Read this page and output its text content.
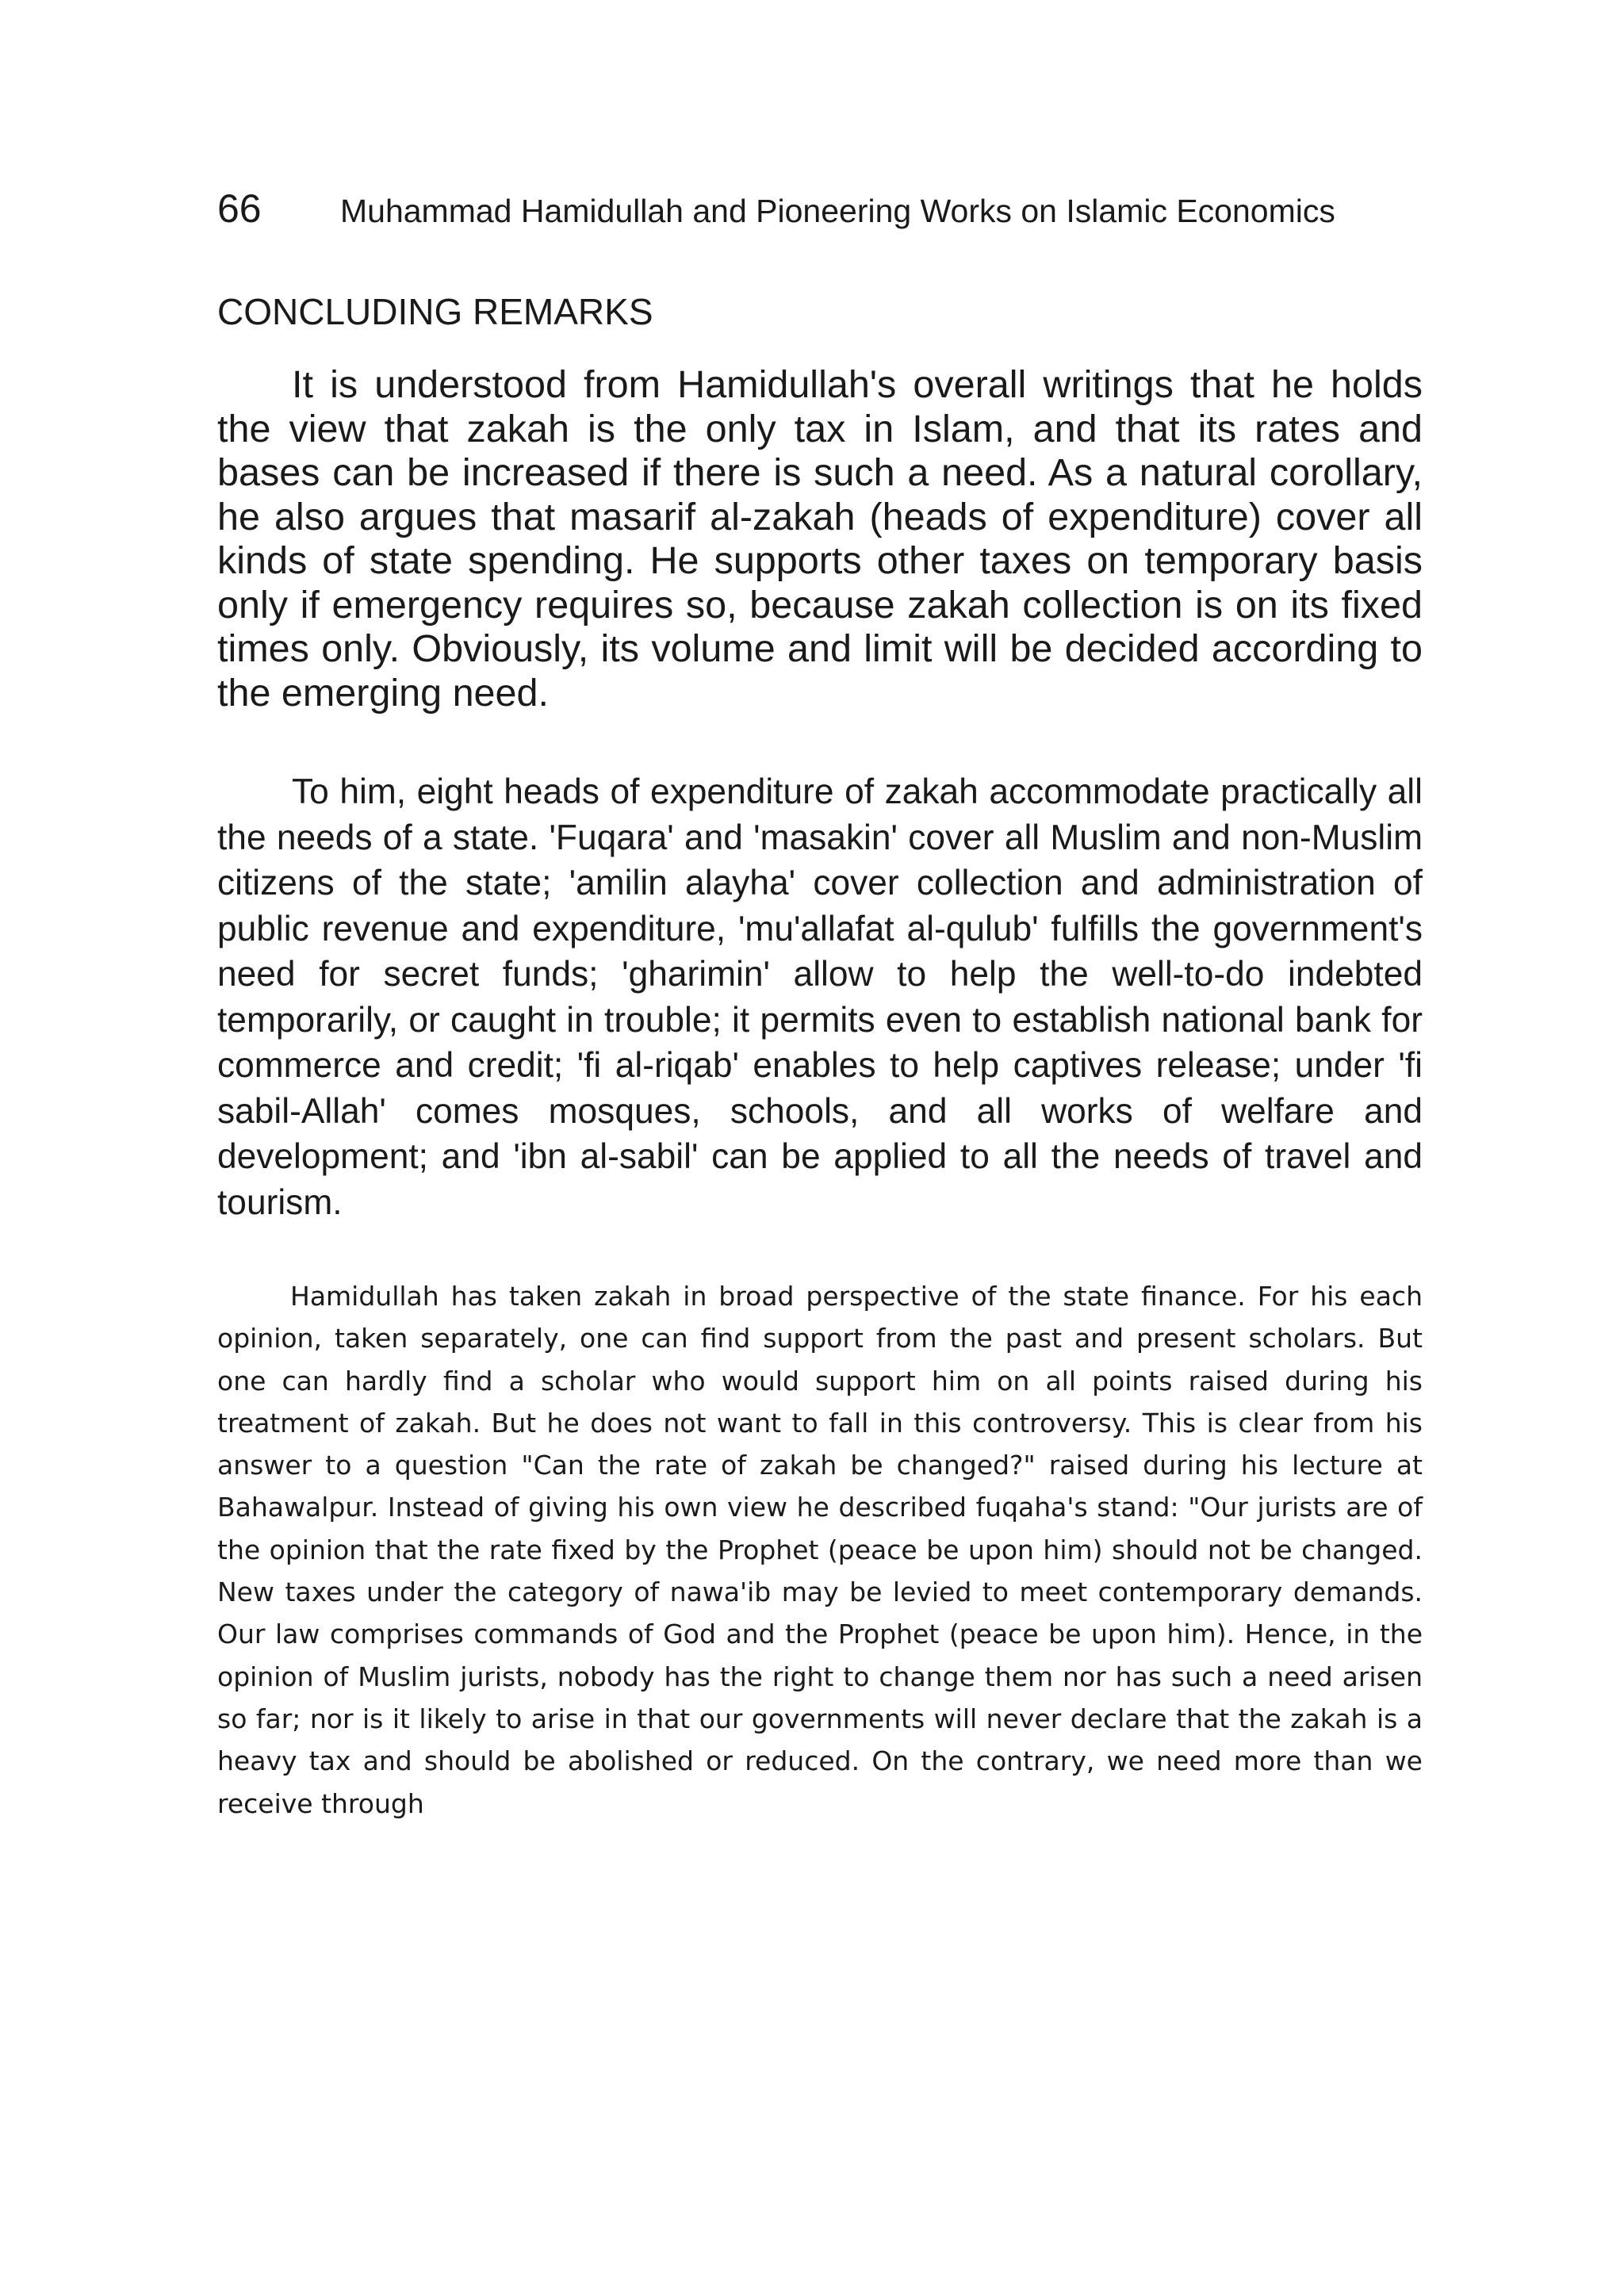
66 Muhammad Hamidullah and Pioneering Works on Islamic Economics
CONCLUDING REMARKS

It is understood from Hamidullah's overall writings that he holds the view that zakah is the only tax in Islam, and that its rates and bases can be increased if there is such a need. As a natural corollary, he also argues that masarif al-zakah (heads of expenditure) cover all kinds of state spending. He supports other taxes on temporary basis only if emergency requires so, because zakah collection is on its fixed times only. Obviously, its volume and limit will be decided according to the emerging need.

To him, eight heads of expenditure of zakah accommodate practically all the needs of a state. 'Fuqara' and 'masakin' cover all Muslim and non-Muslim citizens of the state; 'amilin alayha' cover collection and administration of public revenue and expenditure, 'mu'allafat al-qulub' fulfills the government's need for secret funds; 'gharimin' allow to help the well-to-do indebted temporarily, or caught in trouble; it permits even to establish national bank for commerce and credit; 'fi al-riqab' enables to help captives release; under 'fi sabil-Allah' comes mosques, schools, and all works of welfare and development; and 'ibn al-sabil' can be applied to all the needs of travel and tourism.

Hamidullah has taken zakah in broad perspective of the state finance. For his each opinion, taken separately, one can find support from the past and present scholars. But one can hardly find a scholar who would support him on all points raised during his treatment of zakah. But he does not want to fall in this controversy. This is clear from his answer to a question "Can the rate of zakah be changed?" raised during his lecture at Bahawalpur. Instead of giving his own view he described fuqaha's stand: "Our jurists are of the opinion that the rate fixed by the Prophet (peace be upon him) should not be changed. New taxes under the category of nawa'ib may be levied to meet contemporary demands. Our law comprises commands of God and the Prophet (peace be upon him). Hence, in the opinion of Muslim jurists, nobody has the right to change them nor has such a need arisen so far; nor is it likely to arise in that our governments will never declare that the zakah is a heavy tax and should be abolished or reduced. On the contrary, we need more than we receive through
